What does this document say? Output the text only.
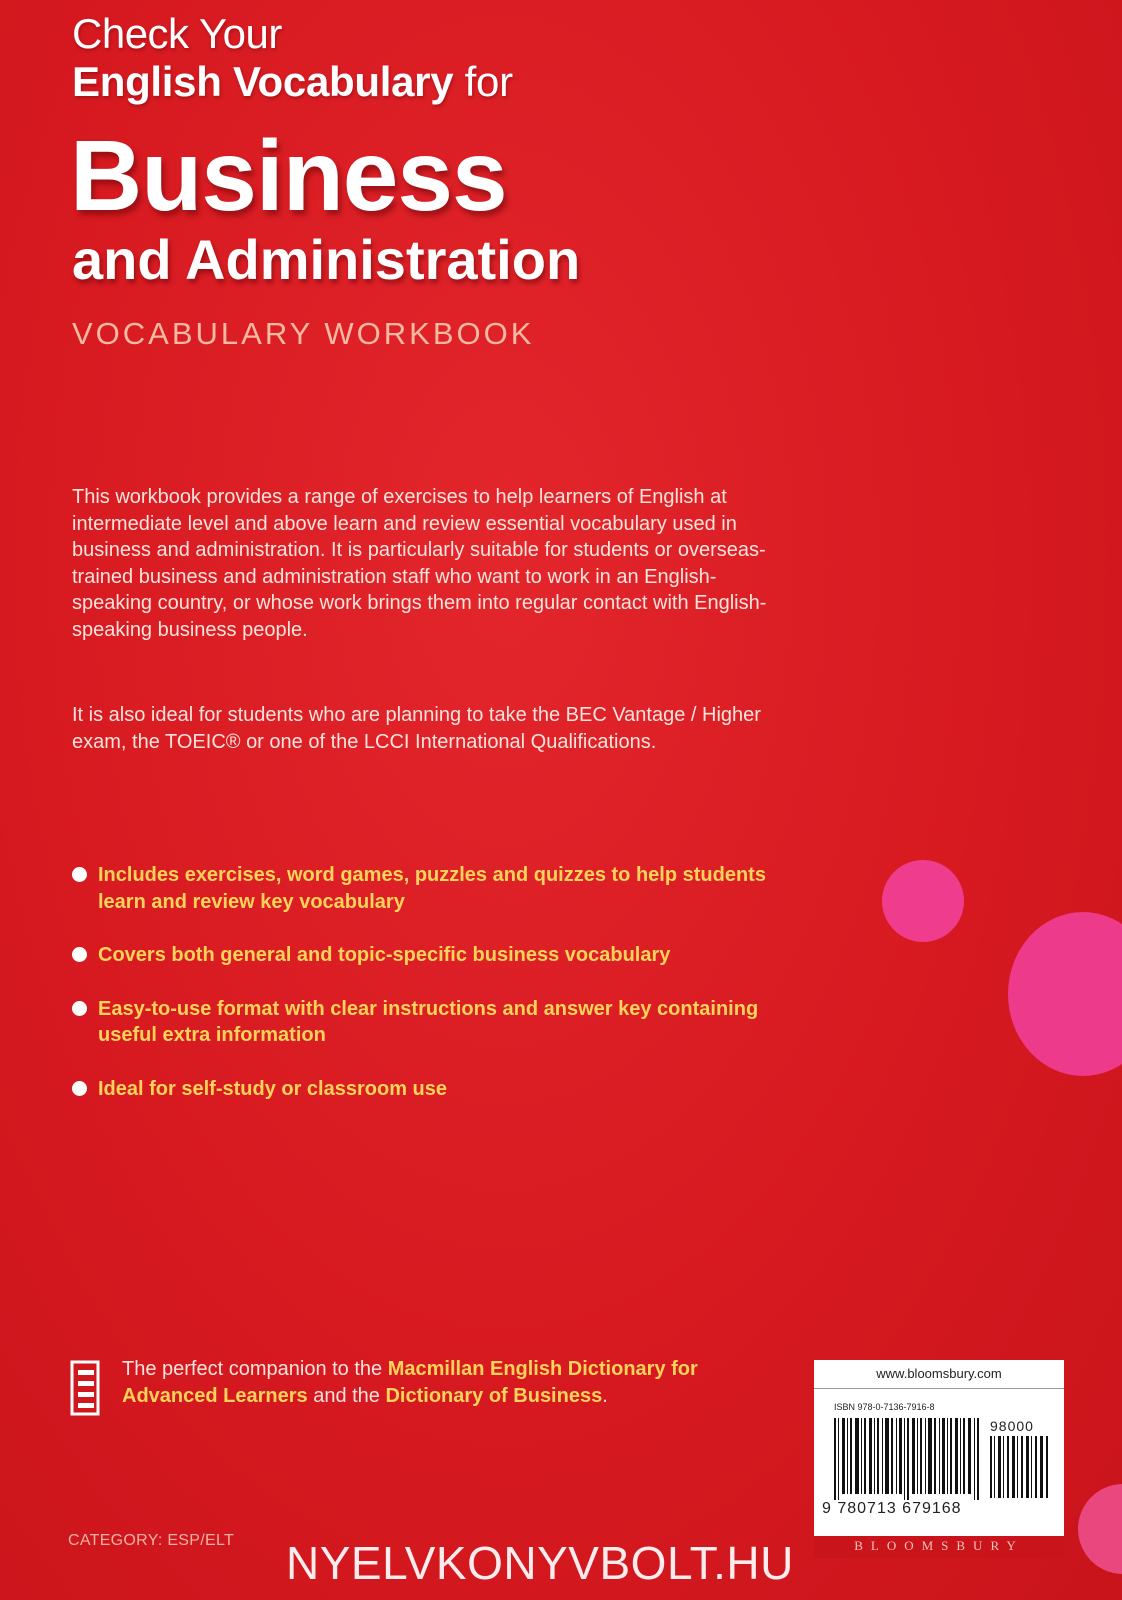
Check Your
English Vocabulary for
Business
and Administration
VOCABULARY WORKBOOK
This workbook provides a range of exercises to help learners of English at intermediate level and above learn and review essential vocabulary used in business and administration. It is particularly suitable for students or overseas-trained business and administration staff who want to work in an English-speaking country, or whose work brings them into regular contact with English-speaking business people.
It is also ideal for students who are planning to take the BEC Vantage / Higher exam, the TOEIC® or one of the LCCI International Qualifications.
Includes exercises, word games, puzzles and quizzes to help students learn and review key vocabulary
Covers both general and topic-specific business vocabulary
Easy-to-use format with clear instructions and answer key containing useful extra information
Ideal for self-study or classroom use
The perfect companion to the Macmillan English Dictionary for Advanced Learners and the Dictionary of Business.
www.bloomsbury.com
ISBN 978-0-7136-7916-8
98000
9 780713 679168
BLOOMSBURY
CATEGORY: ESP/ELT NYELVKONYVBOLT.HU
